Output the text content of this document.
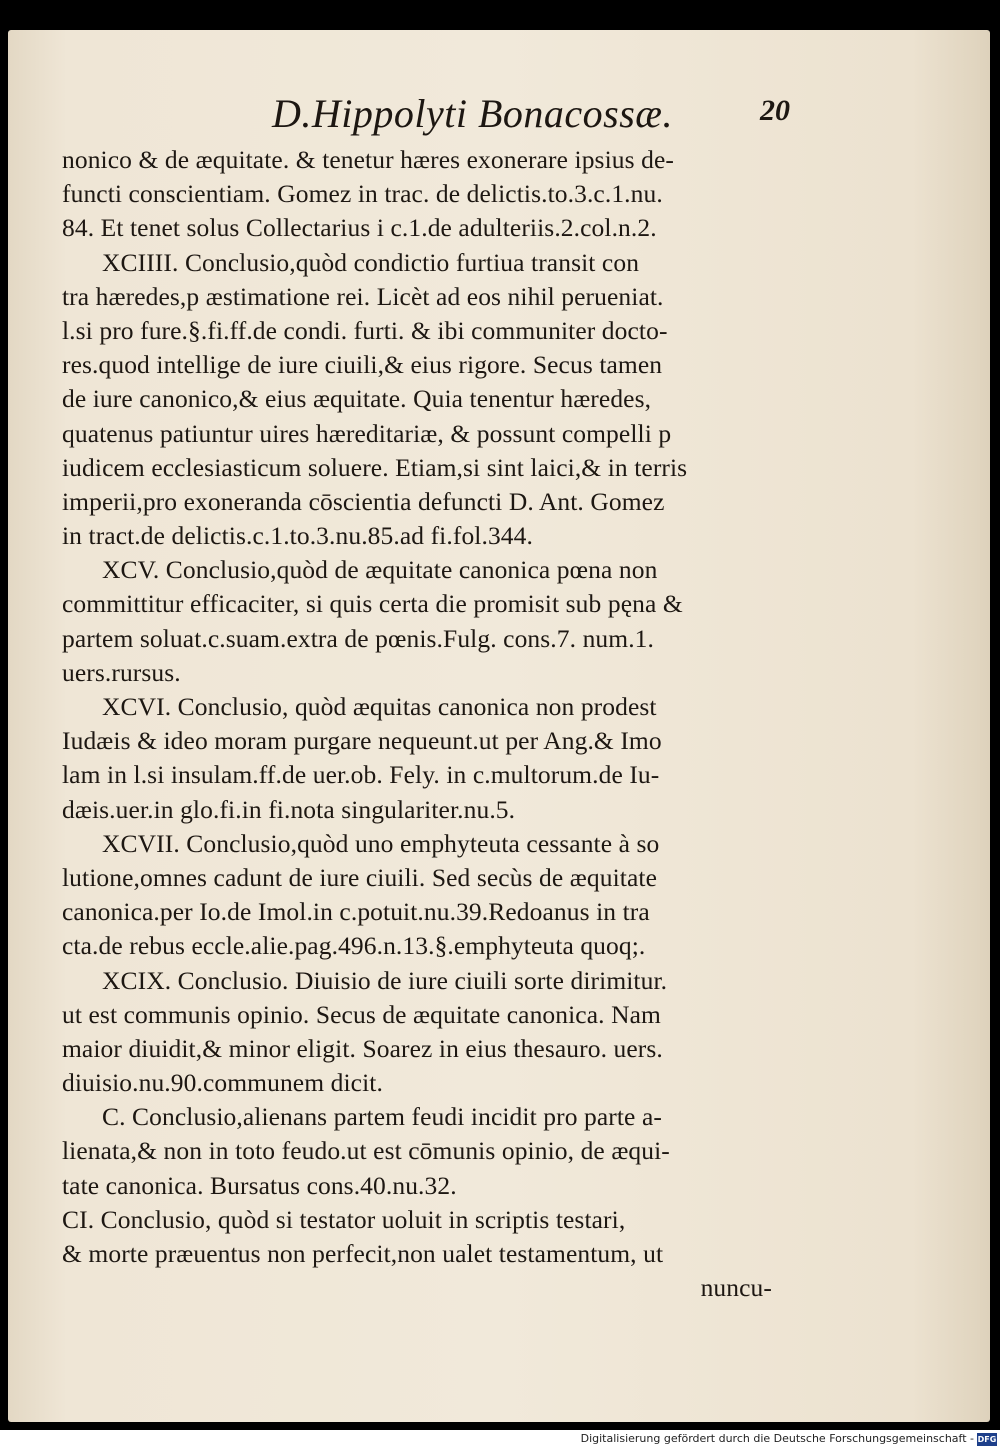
D.Hippolyti Bonacossæ.	20
nonico & de æquitate. & tenetur hæres exonerare ipsius de-
functi conscientiam. Gomez in trac. de delictis.to.3.c.1.nu.
84. Et tenet solus Collectarius i c.1.de adulteriis.2.col.n.2.
XCIIII. Conclusio,quòd condictio furtiua transit con
tra hæredes,p æstimatione rei. Licèt ad eos nihil perueniat.
l.si pro fure.§.fi.ff.de condi. furti. & ibi communiter docto-
res.quod intellige de iure ciuili,& eius rigore. Secus tamen
de iure canonico,& eius æquitate. Quia tenentur hæredes,
quatenus patiuntur uires hæreditariæ, & possunt compelli p
iudicem ecclesiasticum soluere. Etiam,si sint laici,& in terris
imperii,pro exoneranda cōscientia defuncti D. Ant. Gomez
in tract.de delictis.c.1.to.3.nu.85.ad fi.fol.344.
XCV. Conclusio,quòd de æquitate canonica pœna non
committitur efficaciter, si quis certa die promisit sub pęna &
partem soluat.c.suam.extra de pœnis.Fulg. cons.7. num.1.
uers.rursus.
XCVI. Conclusio, quòd æquitas canonica non prodest
Iudæis & ideo moram purgare nequeunt.ut per Ang.& Imo
lam in l.si insulam.ff.de uer.ob. Fely. in c.multorum.de Iu-
dæis.uer.in glo.fi.in fi.nota singulariter.nu.5.
XCVII. Conclusio,quòd uno emphyteuta cessante à so
lutione,omnes cadunt de iure ciuili. Sed secùs de æquitate
canonica.per Io.de Imol.in c.potuit.nu.39.Redoanus in tra
cta.de rebus eccle.alie.pag.496.n.13.§.emphyteuta quoq;.
XCIX. Conclusio. Diuisio de iure ciuili sorte dirimitur.
ut est communis opinio. Secus de æquitate canonica. Nam
maior diuidit,& minor eligit. Soarez in eius thesauro. uers.
diuisio.nu.90.communem dicit.
C. Conclusio,alienans partem feudi incidit pro parte a-
lienata,& non in toto feudo.ut est cōmunis opinio, de æqui-
tate canonica. Bursatus cons.40.nu.32.
CI. Conclusio, quòd si testator uoluit in scriptis testari,
& morte præuentus non perfecit,non ualet testamentum, ut
nuncu-
Digitalisierung gefördert durch die Deutsche Forschungsgemeinschaft - DFG
